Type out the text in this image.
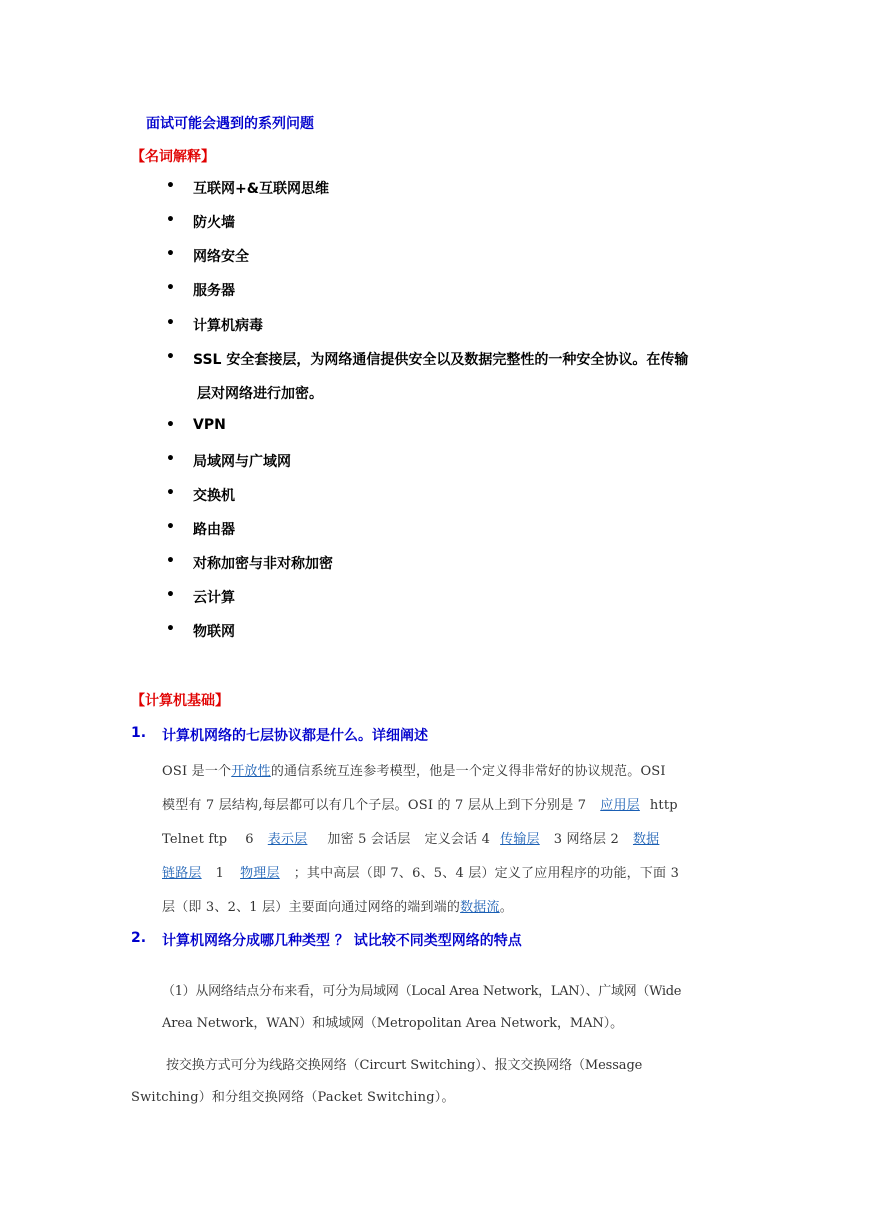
面试可能会遇到的系列问题
【名词解释】
•	互联网+&互联网思维
•	防火墙
•	网络安全
•	服务器
•	计算机病毒
•	SSL 安全套接层，为网络通信提供安全以及数据完整性的一种安全协议。在传输
层对网络进行加密。
•	VPN
•	局域网与广域网
•	交换机
•	路由器
•	对称加密与非对称加密
•	云计算
•	物联网
【计算机基础】
1. 计算机网络的七层协议都是什么。详细阐述
OSI 是一个开放性的通信系统互连参考模型，他是一个定义得非常好的协议规范。OSI
模型有 7 层结构,每层都可以有几个子层。OSI 的 7 层从上到下分别是 7 应用层 http
Telnet ftp 6 表示层 加密 5 会话层 定义会话 4 传输层 3 网络层 2 数据
链路层 1 物理层 ；其中高层（即 7、6、5、4 层）定义了应用程序的功能，下面 3
层（即 3、2、1 层）主要面向通过网络的端到端的数据流。
2. 计算机网络分成哪几种类型 ？ 试比较不同类型网络的特点
（1）从网络结点分布来看，可分为局域网（Local Area Network，LAN）、广域网（Wide
Area Network，WAN）和城域网（Metropolitan Area Network，MAN）。
按交换方式可分为线路交换网络（Circurt Switching）、报文交换网络（Message
Switching）和分组交换网络（Packet Switching）。
